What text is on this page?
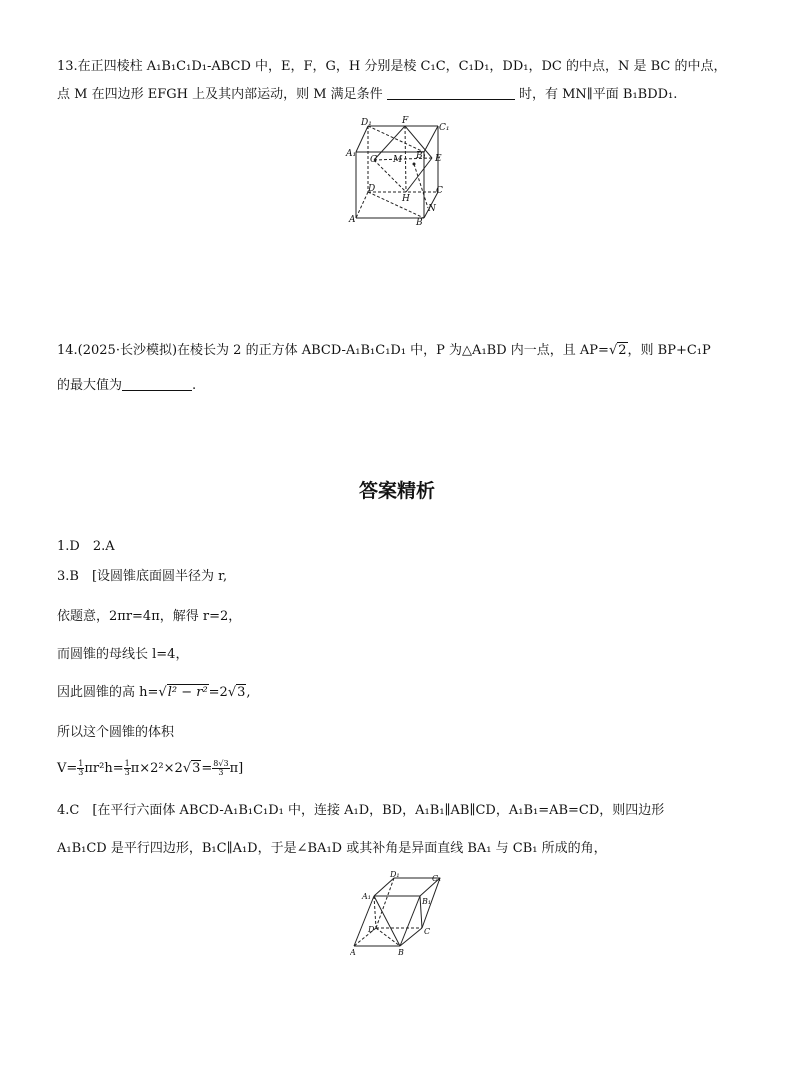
13.在正四棱柱 A₁B₁C₁D₁-ABCD 中，E，F，G，H 分别是棱 C₁C，C₁D₁，DD₁，DC 的中点，N 是 BC 的中点，
点 M 在四边形 EFGH 上及其内部运动，则 M 满足条件	时，有 MN∥平面 B₁BDD₁.
D₁	F
C₁
A₁
G M B₁ E
D
H
C
A
N
B
14.(2025·长沙模拟)在棱长为 2 的正方体 ABCD-A₁B₁C₁D₁ 中，P 为△A₁BD 内一点，且 AP=√2，则 BP+C₁P
的最大值为	.
答案精析
1.D　2.A
3.B　[设圆锥底面圆半径为 r,
依题意，2πr=4π，解得 r=2，
而圆锥的母线长 l=4，
因此圆锥的高 h=√l² − r²=2√3,
所以这个圆锥的体积
$V= \frac{1}{3} \pi r^2h= \frac{1}{3} \pi\times 2^2\times 2√3= \frac{8√3}{3} \pi$]
4.C　[在平行六面体 ABCD-A₁B₁C₁D₁ 中，连接 A₁D，BD，A₁B₁∥AB∥CD，A₁B₁=AB=CD，则四边形
A₁B₁CD 是平行四边形，B₁C∥A₁D，于是∠BA₁D 或其补角是异面直线 BA₁ 与 CB₁ 所成的角，
D₁	C₁
A₁
B₁
D	C
A	B
